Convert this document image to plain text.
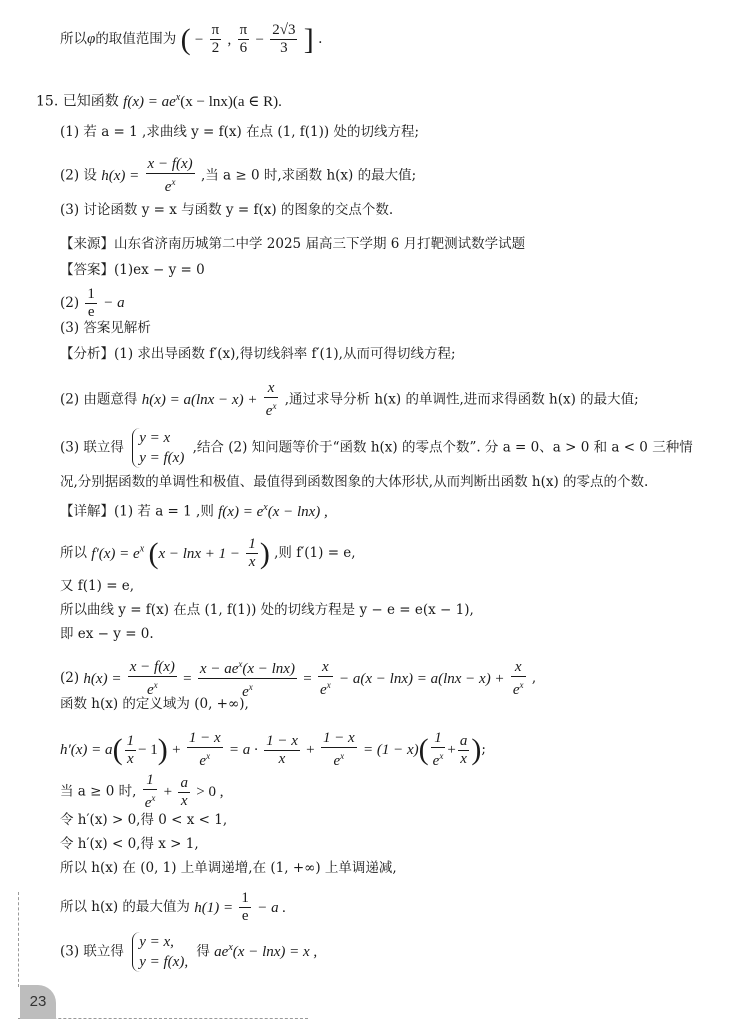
所以φ的取值范围为 ( − $\frac{\pi}{2}$ , $\frac{\pi}{6} - \frac{2√3}{3}$ ] .
15. 已知函数 $f(x) = ae^x(x - \ln x)(a$ ∈ R).
(1) 若 a = 1 ,求曲线 y = f(x) 在点 (1, f(1)) 处的切线方程;
(2) 设 $h(x) = \frac{x - f(x)}{e^x}$ ,当 a ≥ 0 时,求函数 h(x) 的最大值;
(3) 讨论函数 y = x 与函数 y = f(x) 的图象的交点个数.
【来源】山东省济南历城第二中学 2025 届高三下学期 6 月打靶测试数学试题
【答案】(1)ex − y = 0
$(2) \frac{1}{e} - a$
(3) 答案见解析
【分析】(1) 求出导函数 f′(x),得切线斜率 f′(1),从而可得切线方程;
(2) 由题意得 $h(x) = a(\ln x - x) + \frac{x}{e^x}$ ,通过求导分析 h(x) 的单调性,进而求得函数 h(x) 的最大值;
(3) 联立得 y = x
y = f(x) ,结合 (2) 知问题等价于“函数 h(x) 的零点个数”. 分 a = 0、a > 0 和 a < 0 三种情
况,分别据函数的单调性和极值、最值得到函数图象的大体形状,从而判断出函数 h(x) 的零点的个数.
【详解】(1) 若 a = 1 ,则 $f(x) = e^x(x - \ln x)$ ,
所以 $f'(x) = e^x$ ($x - \ln x + 1 - \frac{1}{x}$ ) ,则 f′(1) = e,
又 f(1) = e,
所以曲线 y = f(x) 在点 (1, f(1)) 处的切线方程是 y − e = e(x − 1),
即 ex − y = 0.
(2) $h(x) = \frac{x - f(x)}{e^x} = \frac{x - ae^x(x - \ln x)}{e^x} = \frac{x}{e^x} - a(x - \ln x) = a(\ln x - x) + \frac{x}{e^x}$ ,
函数 h(x) 的定义域为 (0, +∞),
$h'(x) = a( \frac{1}{x} - 1) + \frac{1 - x}{e^x} = a \cdot \frac{1 - x}{x} + \frac{1 - x}{e^x} = (1 - x)( \frac{1}{e^x} + \frac{a}{x}$ );
当 a ≥ 0 时, $\frac{1}{e^x} + \frac{a}{x} > 0$ ,
令 h′(x) > 0,得 0 < x < 1,
令 h′(x) < 0,得 x > 1,
所以 h(x) 在 (0, 1) 上单调递增,在 (1, +∞) 上单调递减,
所以 h(x) 的最大值为 $h(1) = \frac{1}{e} - a$ .
(3) 联立得 y = x,
y = f(x), 得 $ae^x(x - \ln x) = x$ ,
23
